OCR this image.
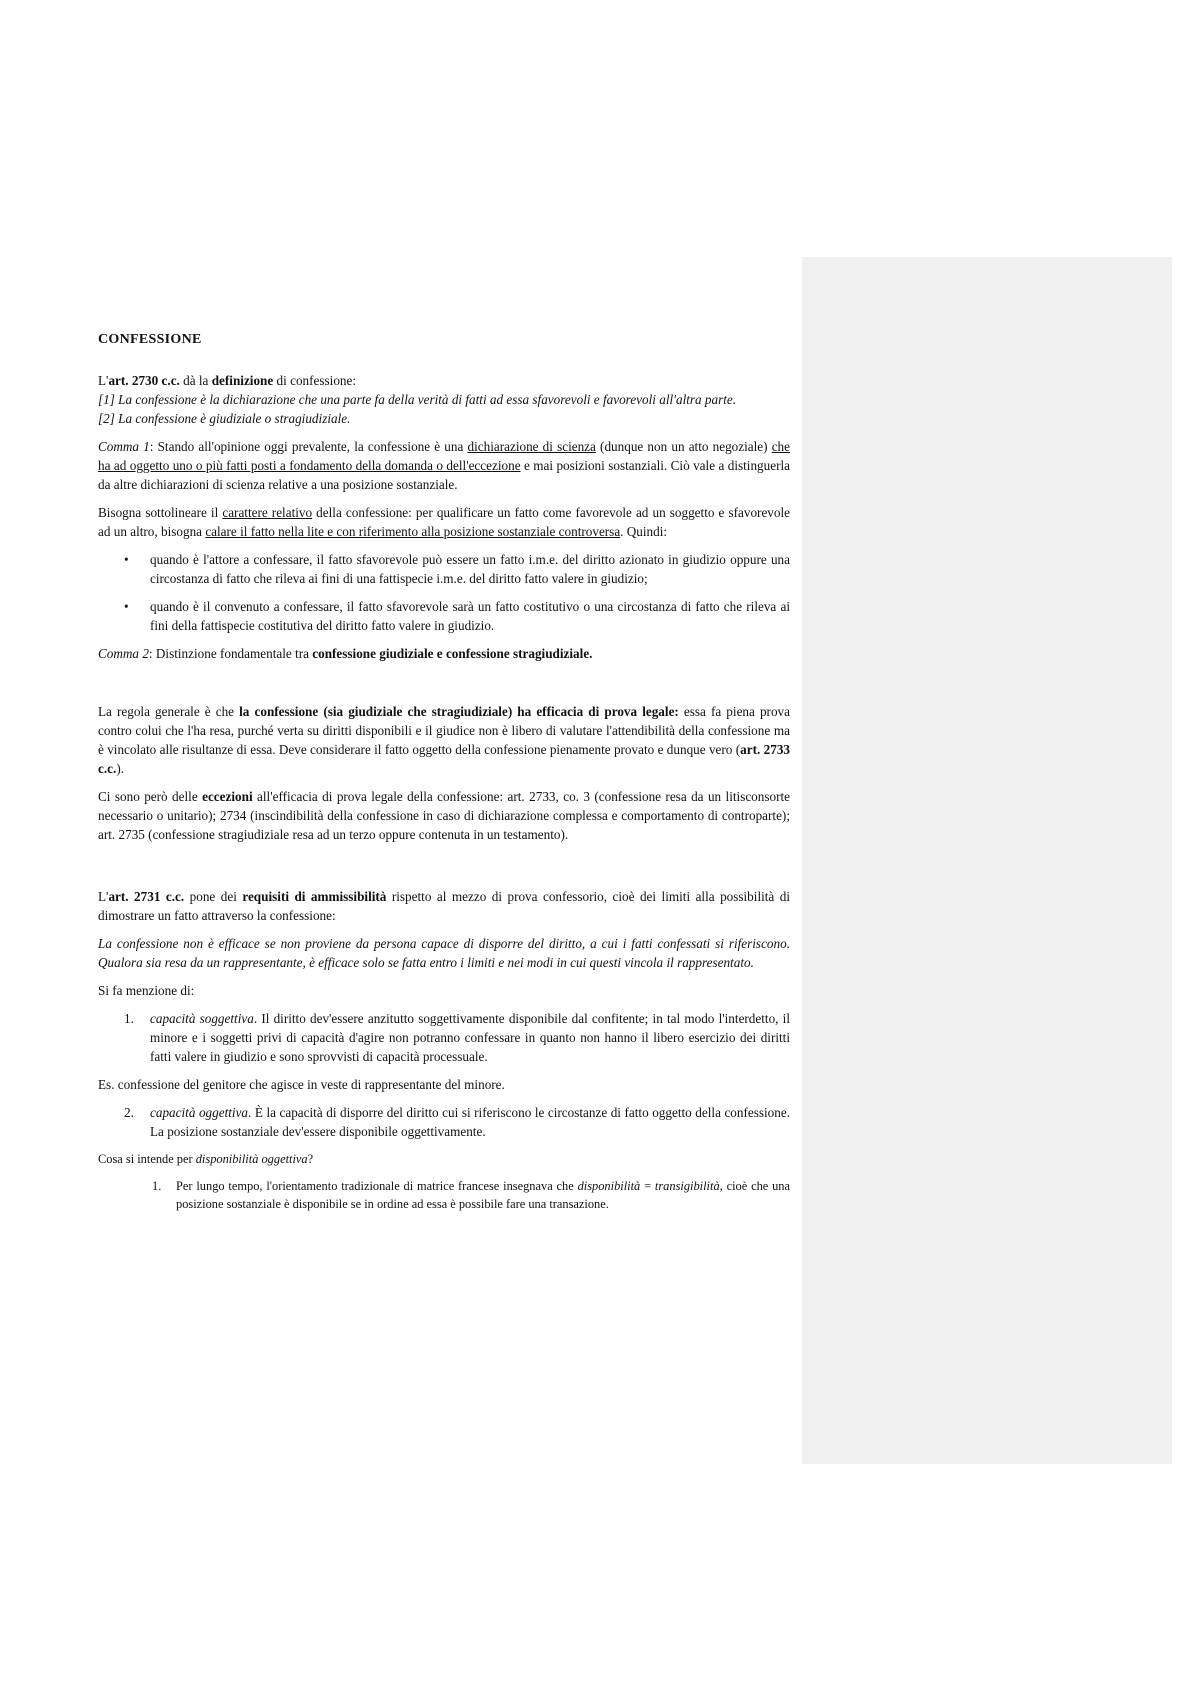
CONFESSIONE

L'art. 2730 c.c. dà la definizione di confessione:

[1] La confessione è la dichiarazione che una parte fa della verità di fatti ad essa sfavorevoli e favorevoli all'altra parte.

[2] La confessione è giudiziale o stragiudiziale.

Comma 1: Stando all'opinione oggi prevalente, la confessione è una dichiarazione di scienza (dunque non un atto negoziale) che ha ad oggetto uno o più fatti posti a fondamento della domanda o dell'eccezione e mai posizioni sostanziali. Ciò vale a distinguerla da altre dichiarazioni di scienza relative a una posizione sostanziale.

Bisogna sottolineare il carattere relativo della confessione: per qualificare un fatto come favorevole ad un soggetto e sfavorevole ad un altro, bisogna calare il fatto nella lite e con riferimento alla posizione sostanziale controversa. Quindi:

• quando è l'attore a confessare, il fatto sfavorevole può essere un fatto i.m.e. del diritto azionato in giudizio oppure una circostanza di fatto che rileva ai fini di una fattispecie i.m.e. del diritto fatto valere in giudizio;
• quando è il convenuto a confessare, il fatto sfavorevole sarà un fatto costitutivo o una circostanza di fatto che rileva ai fini della fattispecie costitutiva del diritto fatto valere in giudizio.

Comma 2: Distinzione fondamentale tra confessione giudiziale e confessione stragiudiziale.

La regola generale è che la confessione (sia giudiziale che stragiudiziale) ha efficacia di prova legale: essa fa piena prova contro colui che l'ha resa, purché verta su diritti disponibili e il giudice non è libero di valutare l'attendibilità della confessione ma è vincolato alle risultanze di essa. Deve considerare il fatto oggetto della confessione pienamente provato e dunque vero (art. 2733 c.c.).

Ci sono però delle eccezioni all'efficacia di prova legale della confessione: art. 2733, co. 3 (confessione resa da un litisconsorte necessario o unitario); 2734 (inscindibilità della confessione in caso di dichiarazione complessa e comportamento di controparte); art. 2735 (confessione stragiudiziale resa ad un terzo oppure contenuta in un testamento).

L'art. 2731 c.c. pone dei requisiti di ammissibilità rispetto al mezzo di prova confessorio, cioè dei limiti alla possibilità di dimostrare un fatto attraverso la confessione:

La confessione non è efficace se non proviene da persona capace di disporre del diritto, a cui i fatti confessati si riferiscono. Qualora sia resa da un rappresentante, è efficace solo se fatta entro i limiti e nei modi in cui questi vincola il rappresentato.

Si fa menzione di:

1. capacità soggettiva. Il diritto dev'essere anzitutto soggettivamente disponibile dal confitente; in tal modo l'interdetto, il minore e i soggetti privi di capacità d'agire non potranno confessare in quanto non hanno il libero esercizio dei diritti fatti valere in giudizio e sono sprovvisti di capacità processuale.

Es. confessione del genitore che agisce in veste di rappresentante del minore.

2. capacità oggettiva. È la capacità di disporre del diritto cui si riferiscono le circostanze di fatto oggetto della confessione. La posizione sostanziale dev'essere disponibile oggettivamente.

Cosa si intende per disponibilità oggettiva?

1. Per lungo tempo, l'orientamento tradizionale di matrice francese insegnava che disponibilità = transigibilità, cioè che una posizione sostanziale è disponibile se in ordine ad essa è possibile fare una transazione.
